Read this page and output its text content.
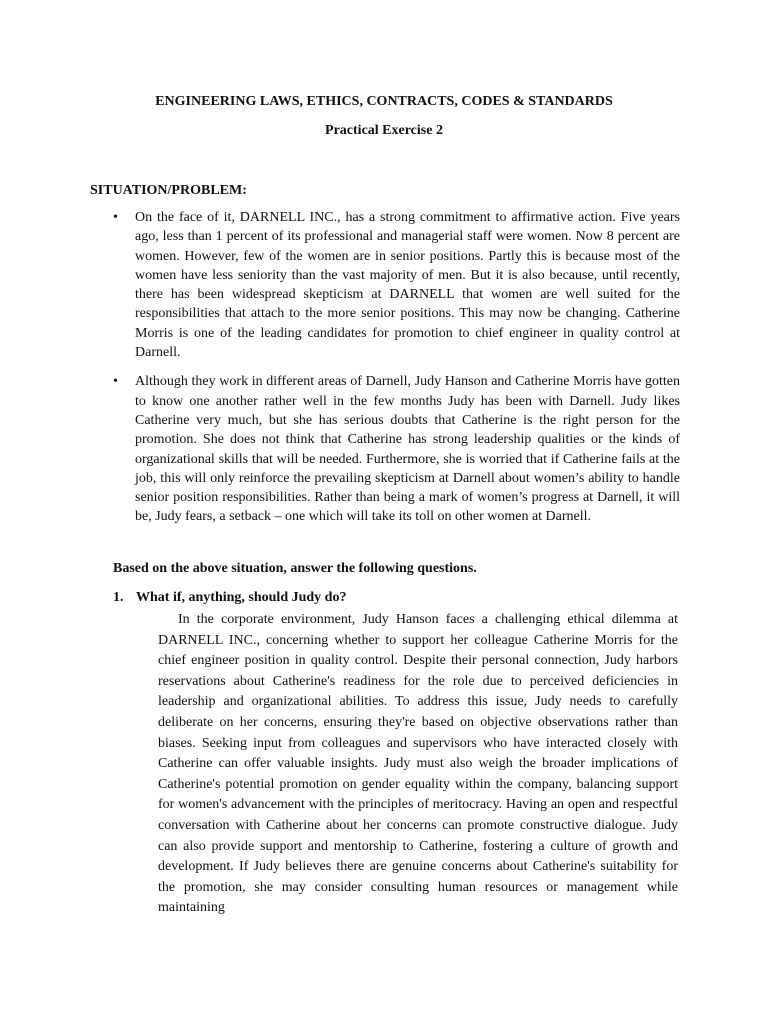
ENGINEERING LAWS, ETHICS, CONTRACTS, CODES & STANDARDS
Practical Exercise 2
SITUATION/PROBLEM:
• On the face of it, DARNELL INC., has a strong commitment to affirmative action. Five years ago, less than 1 percent of its professional and managerial staff were women. Now 8 percent are women. However, few of the women are in senior positions. Partly this is because most of the women have less seniority than the vast majority of men. But it is also because, until recently, there has been widespread skepticism at DARNELL that women are well suited for the responsibilities that attach to the more senior positions. This may now be changing. Catherine Morris is one of the leading candidates for promotion to chief engineer in quality control at Darnell.
• Although they work in different areas of Darnell, Judy Hanson and Catherine Morris have gotten to know one another rather well in the few months Judy has been with Darnell. Judy likes Catherine very much, but she has serious doubts that Catherine is the right person for the promotion. She does not think that Catherine has strong leadership qualities or the kinds of organizational skills that will be needed. Furthermore, she is worried that if Catherine fails at the job, this will only reinforce the prevailing skepticism at Darnell about women’s ability to handle senior position responsibilities. Rather than being a mark of women’s progress at Darnell, it will be, Judy fears, a setback – one which will take its toll on other women at Darnell.
Based on the above situation, answer the following questions.
1. What if, anything, should Judy do?

In the corporate environment, Judy Hanson faces a challenging ethical dilemma at DARNELL INC., concerning whether to support her colleague Catherine Morris for the chief engineer position in quality control. Despite their personal connection, Judy harbors reservations about Catherine's readiness for the role due to perceived deficiencies in leadership and organizational abilities. To address this issue, Judy needs to carefully deliberate on her concerns, ensuring they're based on objective observations rather than biases. Seeking input from colleagues and supervisors who have interacted closely with Catherine can offer valuable insights. Judy must also weigh the broader implications of Catherine's potential promotion on gender equality within the company, balancing support for women's advancement with the principles of meritocracy. Having an open and respectful conversation with Catherine about her concerns can promote constructive dialogue. Judy can also provide support and mentorship to Catherine, fostering a culture of growth and development. If Judy believes there are genuine concerns about Catherine's suitability for the promotion, she may consider consulting human resources or management while maintaining
